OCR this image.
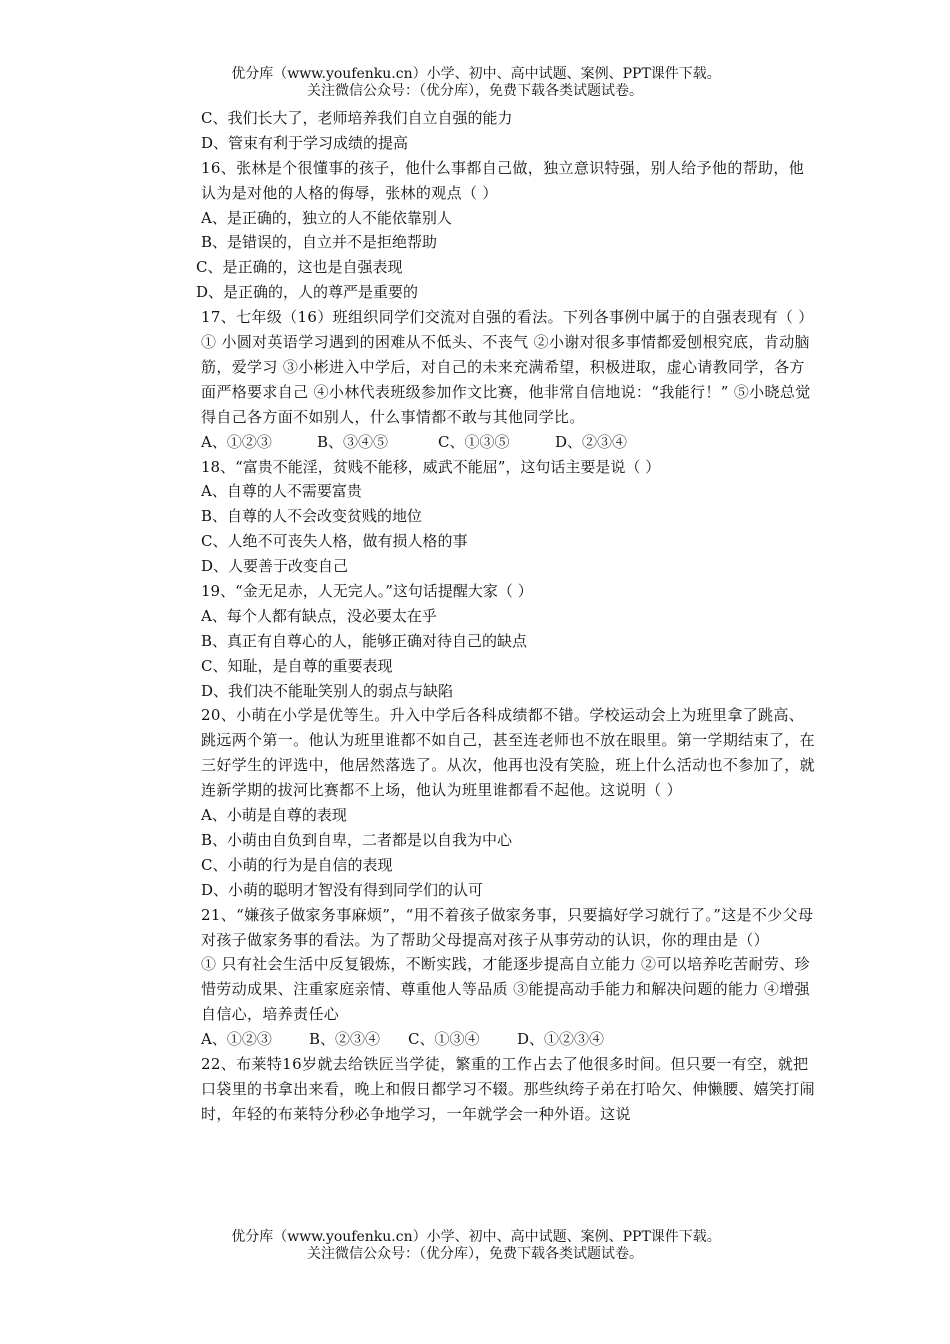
优分库（www.youfenku.cn）小学、初中、高中试题、案例、PPT课件下载。
关注微信公众号：（优分库），免费下载各类试题试卷。
C、我们长大了，老师培养我们自立自强的能力
D、管束有利于学习成绩的提高
16、张林是个很懂事的孩子，他什么事都自己做，独立意识特强，别人给予他的帮助，他认为是对他的人格的侮辱，张林的观点（ ）
A、是正确的，独立的人不能依靠别人
B、是错误的，自立并不是拒绝帮助
C、是正确的，这也是自强表现
D、是正确的，人的尊严是重要的
17、七年级（16）班组织同学们交流对自强的看法。下列各事例中属于的自强表现有（ ）
① 小圆对英语学习遇到的困难从不低头、不丧气 ②小谢对很多事情都爱刨根究底，肯动脑筋，爱学习 ③小彬进入中学后，对自己的未来充满希望，积极进取，虚心请教同学，各方面严格要求自己 ④小林代表班级参加作文比赛，他非常自信地说：“我能行！” ⑤小晓总觉得自己各方面不如别人，什么事情都不敢与其他同学比。
A、①②③	B、③④⑤	C、①③⑤	D、②③④
18、“富贵不能淫，贫贱不能移，威武不能屈”，这句话主要是说（ ）
A、自尊的人不需要富贵
B、自尊的人不会改变贫贱的地位
C、人绝不可丧失人格，做有损人格的事
D、人要善于改变自己
19、“金无足赤，人无完人。”这句话提醒大家（ ）
A、每个人都有缺点，没必要太在乎
B、真正有自尊心的人，能够正确对待自己的缺点
C、知耻，是自尊的重要表现
D、我们决不能耻笑别人的弱点与缺陷
20、小萌在小学是优等生。升入中学后各科成绩都不错。学校运动会上为班里拿了跳高、跳远两个第一。他认为班里谁都不如自己，甚至连老师也不放在眼里。第一学期结束了，在三好学生的评选中，他居然落选了。从次，他再也没有笑脸，班上什么活动也不参加了，就连新学期的拔河比赛都不上场，他认为班里谁都看不起他。这说明（ ）
A、小萌是自尊的表现
B、小萌由自负到自卑，二者都是以自我为中心
C、小萌的行为是自信的表现
D、小萌的聪明才智没有得到同学们的认可
21、“嫌孩子做家务事麻烦”，“用不着孩子做家务事，只要搞好学习就行了。”这是不少父母对孩子做家务事的看法。为了帮助父母提高对孩子从事劳动的认识，你的理由是（）
① 只有社会生活中反复锻炼，不断实践，才能逐步提高自立能力 ②可以培养吃苦耐劳、珍惜劳动成果、注重家庭亲情、尊重他人等品质 ③能提高动手能力和解决问题的能力 ④增强自信心，培养责任心
A、①②③ B、②③④ C、①③④	D、①②③④
22、布莱特16岁就去给铁匠当学徒，繁重的工作占去了他很多时间。但只要一有空，就把口袋里的书拿出来看，晚上和假日都学习不辍。那些纨绔子弟在打哈欠、伸懒腰、嬉笑打闹时，年轻的布莱特分秒必争地学习，一年就学会一种外语。这说
优分库（www.youfenku.cn）小学、初中、高中试题、案例、PPT课件下载。
关注微信公众号：（优分库），免费下载各类试题试卷。
